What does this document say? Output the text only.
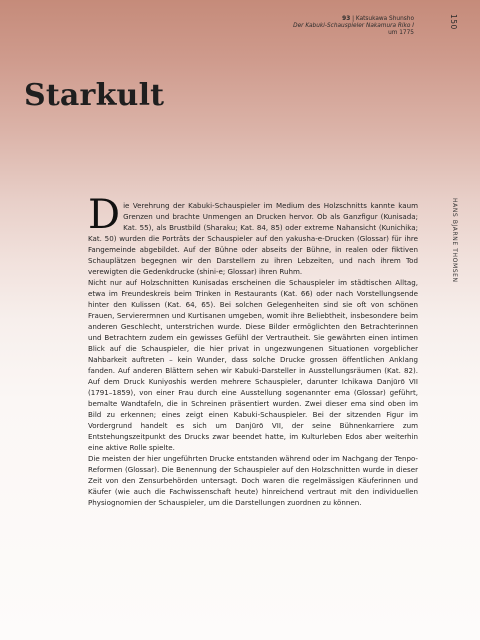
93 | Katsukawa Shunsho
Der Kabuki-Schauspieler Nakamura Riko I
um 1775
150
Starkult
HANS BJARNE THOMSEN

D ie Verehrung der Kabuki-Schauspieler im Medium des Holzschnitts kannte kaum Grenzen und brachte Unmengen an Drucken hervor. Ob als Ganzfigur (Kunisada; Kat. 55), als Brustbild (Sharaku; Kat. 84, 85) oder extreme Nahansicht (Kunichika; Kat. 50) wurden die Porträts der Schauspieler auf den yakusha-e-Drucken (Glossar) für ihre Fangemeinde abgebildet. Auf der Bühne oder abseits der Bühne, in realen oder fiktiven Schauplätzen begegnen wir den Darstellern zu ihren Lebzeiten, und nach ihrem Tod verewigten die Gedenkdrucke (shini-e; Glossar) ihren Ruhm.

Nicht nur auf Holzschnitten Kunisadas erscheinen die Schauspieler im städtischen Alltag, etwa im Freundeskreis beim Trinken in Restaurants (Kat. 66) oder nach Vorstellungsende hinter den Kulissen (Kat. 64, 65). Bei solchen Gelegenheiten sind sie oft von schönen Frauen, Servierermnen und Kurtisanen umgeben, womit ihre Beliebtheit, insbesondere beim anderen Geschlecht, unterstrichen wurde. Diese Bilder ermöglichten den Betrachterinnen und Betrachtern zudem ein gewisses Gefühl der Vertrautheit. Sie gewährten einen intimen Blick auf die Schauspieler, die hier privat in ungezwungenen Situationen vorgeblicher Nahbarkeit auftreten – kein Wunder, dass solche Drucke grossen öffentlichen Anklang fanden. Auf anderen Blättern sehen wir Kabuki-Darsteller in Ausstellungsräumen (Kat. 82). Auf dem Druck Kuniyoshis werden mehrere Schauspieler, darunter Ichikawa Danjūrō VII (1791–1859), von einer Frau durch eine Ausstellung sogenannter ema (Glossar) geführt, bemalte Wandtafeln, die in Schreinen präsentiert wurden. Zwei dieser ema sind oben im Bild zu erkennen; eines zeigt einen Kabuki-Schauspieler. Bei der sitzenden Figur im Vordergrund handelt es sich um Danjūrō VII, der seine Bühnenkarriere zum Entstehungszeitpunkt des Drucks zwar beendet hatte, im Kulturleben Edos aber weiterhin eine aktive Rolle spielte.

Die meisten der hier ungeführten Drucke entstanden während oder im Nachgang der Tenpo-Reformen (Glossar). Die Benennung der Schauspieler auf den Holzschnitten wurde in dieser Zeit von den Zensurbehörden untersagt. Doch waren die regelmässigen Käuferinnen und Käufer (wie auch die Fachwissenschaft heute) hinreichend vertraut mit den individuellen Physiognomien der Schauspieler, um die Darstellungen zuordnen zu können.
